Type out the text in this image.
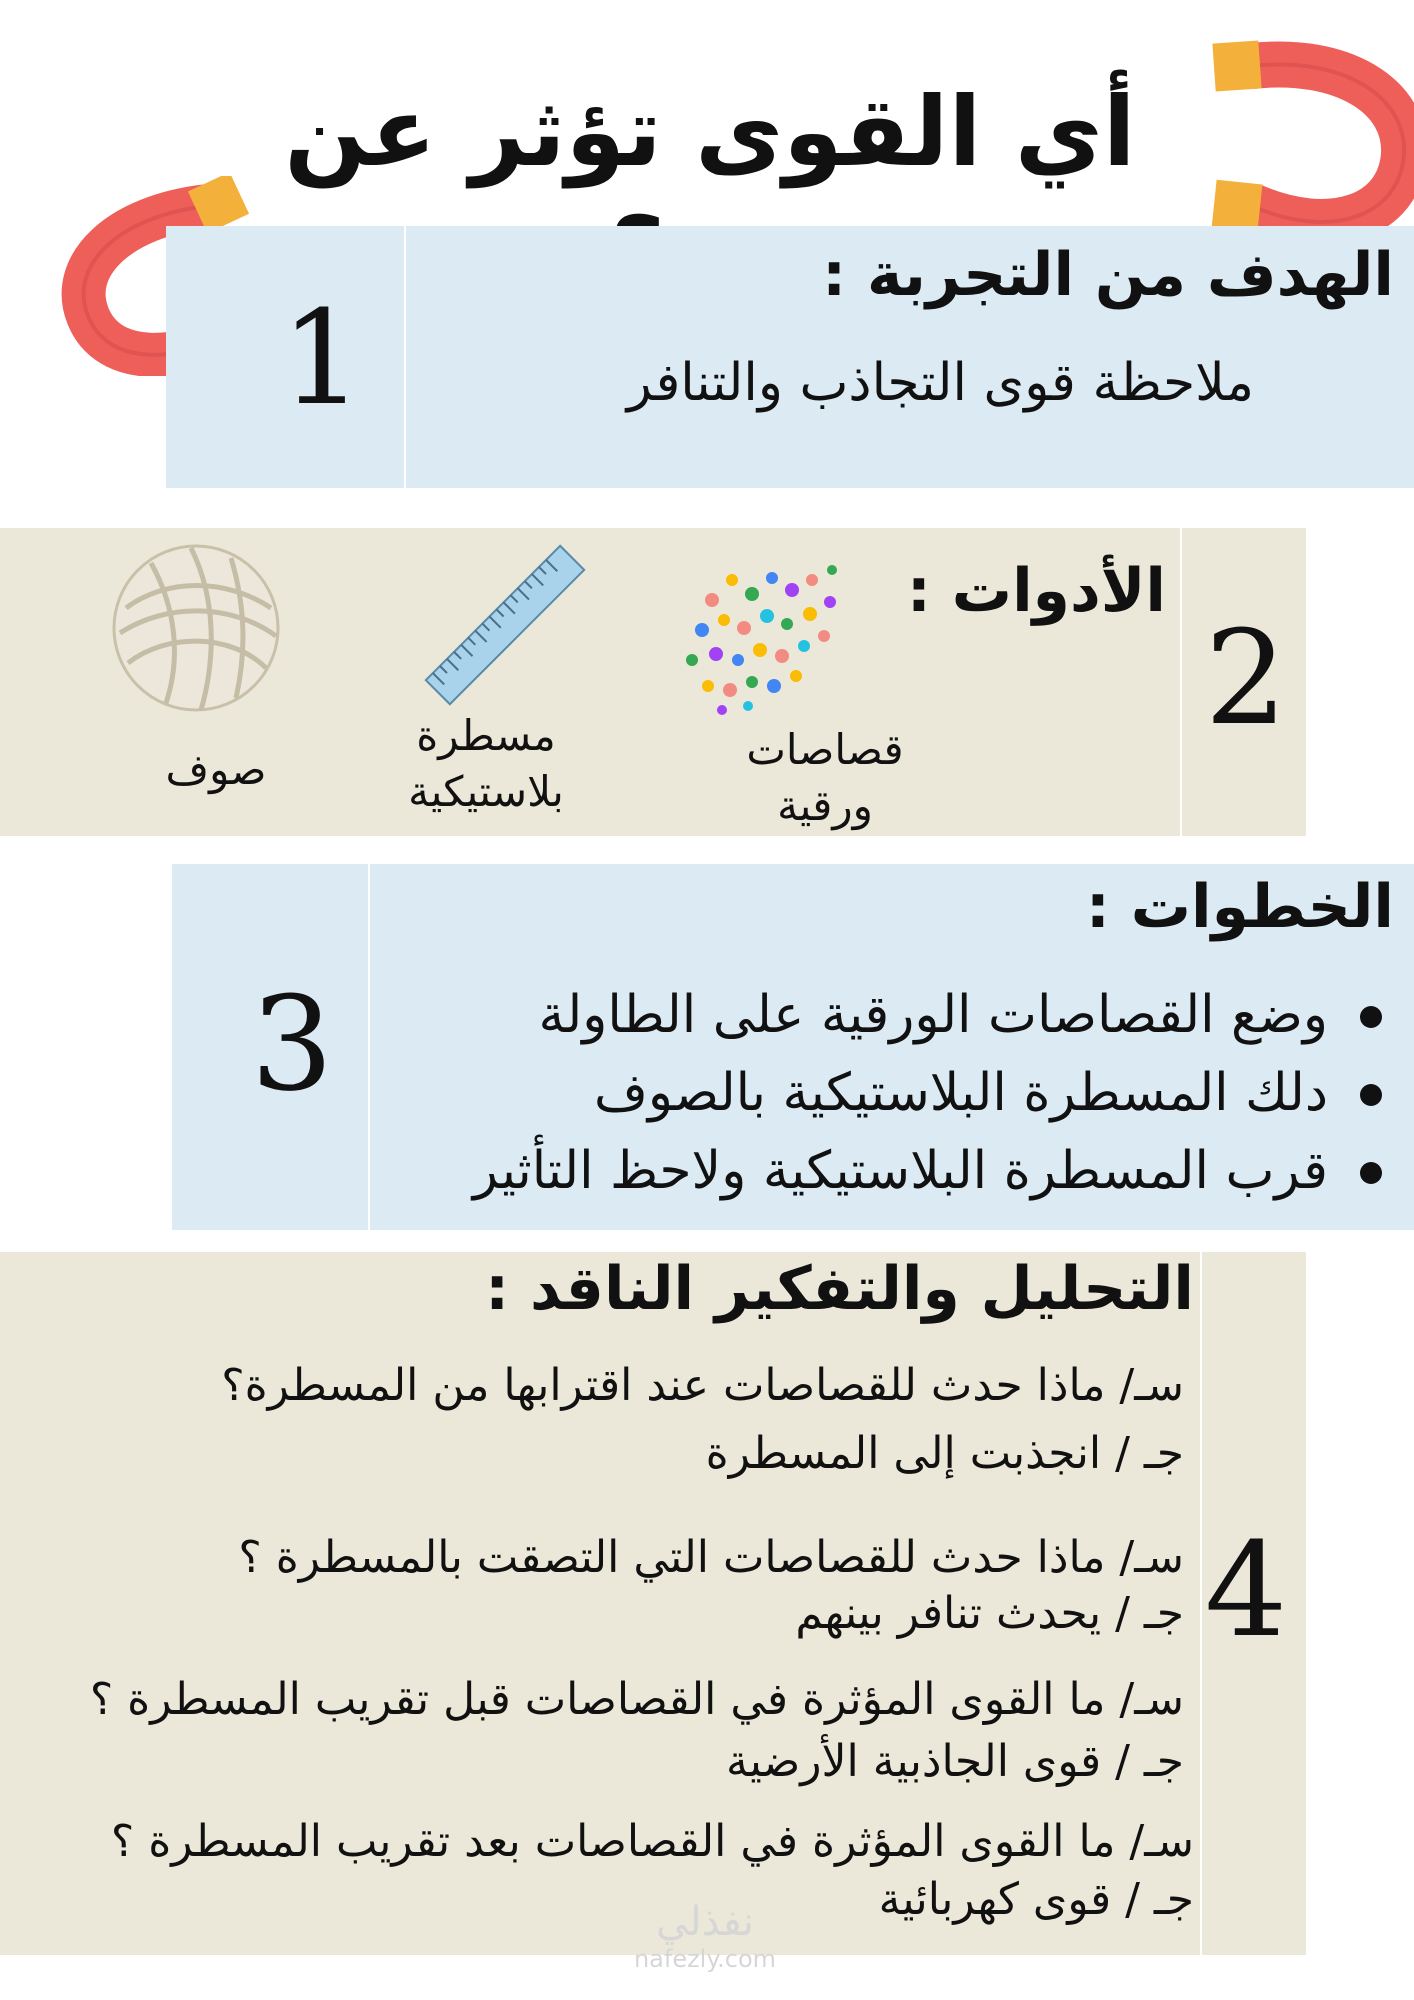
أي القوى تؤثر عن
1
الهدف من التجربة :
ملاحظة قوى التجاذب والتنافر
2
الأدوات :
قصاصات ورقية
مسطرة بلاستيكية
صوف
3
الخطوات :
وضع القصاصات الورقية على الطاولة
دلك المسطرة البلاستيكية بالصوف
قرب المسطرة البلاستيكية ولاحظ التأثير
4
التحليل والتفكير الناقد :
سـ/ ماذا حدث للقصاصات عند اقترابها من المسطرة؟
جـ / انجذبت إلى المسطرة
سـ/ ماذا حدث للقصاصات التي التصقت بالمسطرة ؟
جـ / يحدث تنافر بينهم
سـ/ ما القوى المؤثرة في القصاصات قبل تقريب المسطرة ؟
جـ / قوى الجاذبية الأرضية
سـ/ ما القوى المؤثرة في القصاصات بعد تقريب المسطرة ؟
جـ / قوى كهربائية
نفذلي
nafezly.com
